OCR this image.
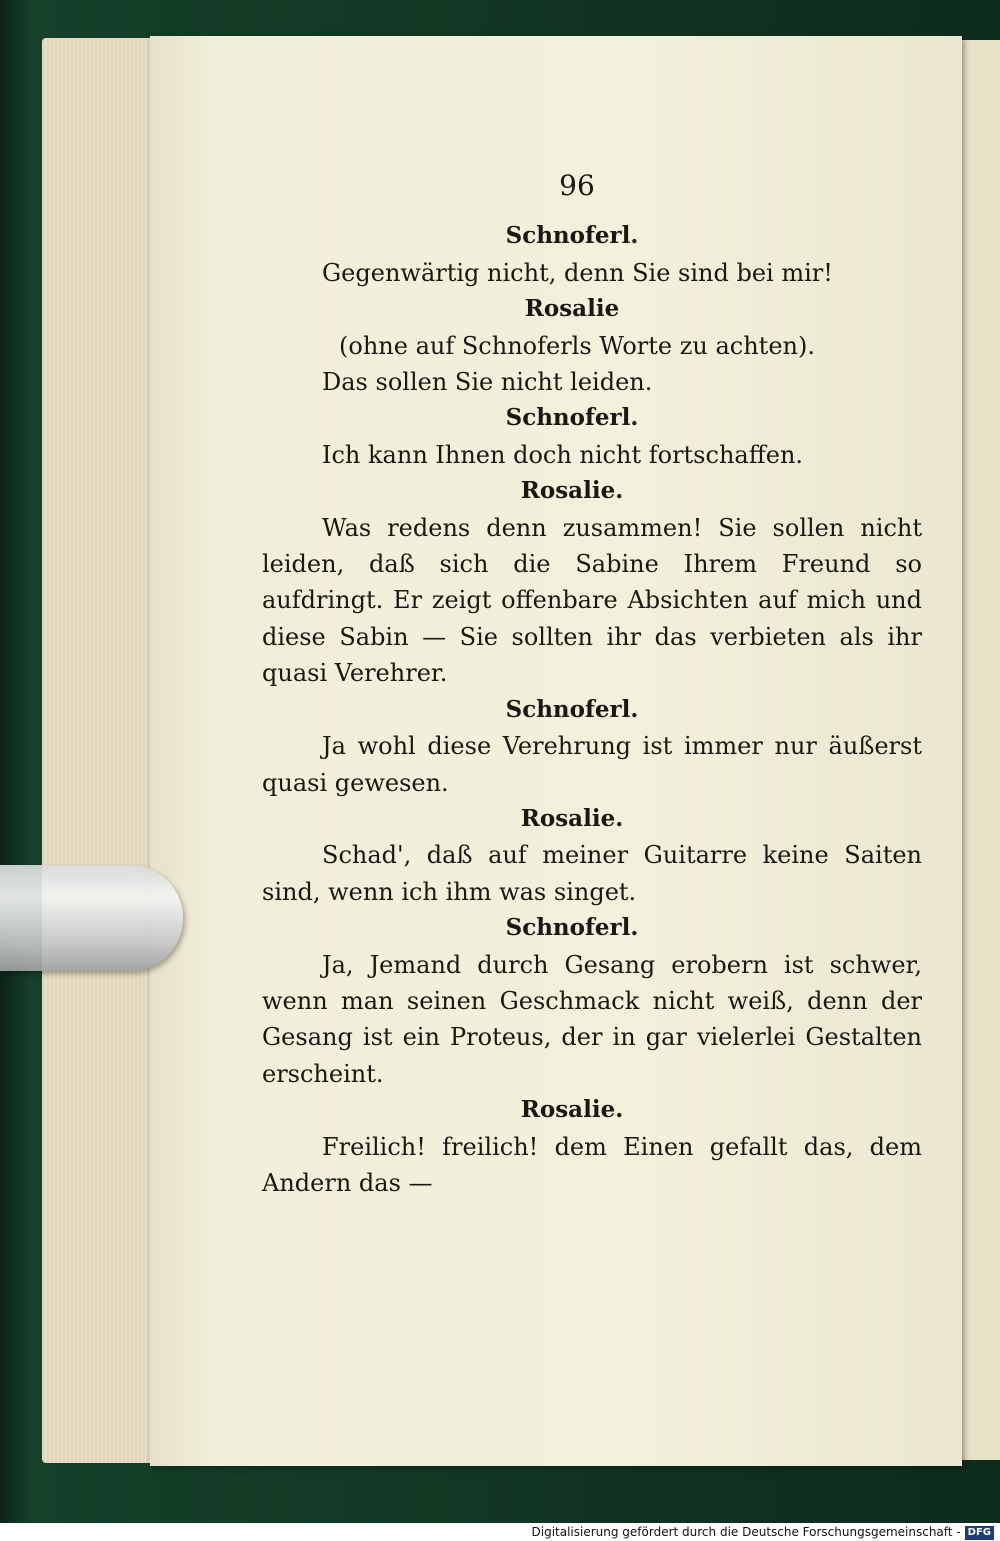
96
Schnoferl.
Gegenwärtig nicht, denn Sie sind bei mir!
Rosalie
(ohne auf Schnoferls Worte zu achten).
Das sollen Sie nicht leiden.
Schnoferl.
Ich kann Ihnen doch nicht fortschaffen.
Rosalie.
Was redens denn zusammen! Sie sollen nicht leiden, daß sich die Sabine Ihrem Freund so aufdringt. Er zeigt offenbare Absichten auf mich und diese Sabin — Sie sollten ihr das verbieten als ihr quasi Verehrer.
Schnoferl.
Ja wohl diese Verehrung ist immer nur äußerst quasi gewesen.
Rosalie.
Schad', daß auf meiner Guitarre keine Saiten sind, wenn ich ihm was singet.
Schnoferl.
Ja, Jemand durch Gesang erobern ist schwer, wenn man seinen Geschmack nicht weiß, denn der Gesang ist ein Proteus, der in gar vielerlei Gestalten erscheint.
Rosalie.
Freilich! freilich! dem Einen gefallt das, dem Andern das —
Digitalisierung gefördert durch die Deutsche Forschungsgemeinschaft - DFG
